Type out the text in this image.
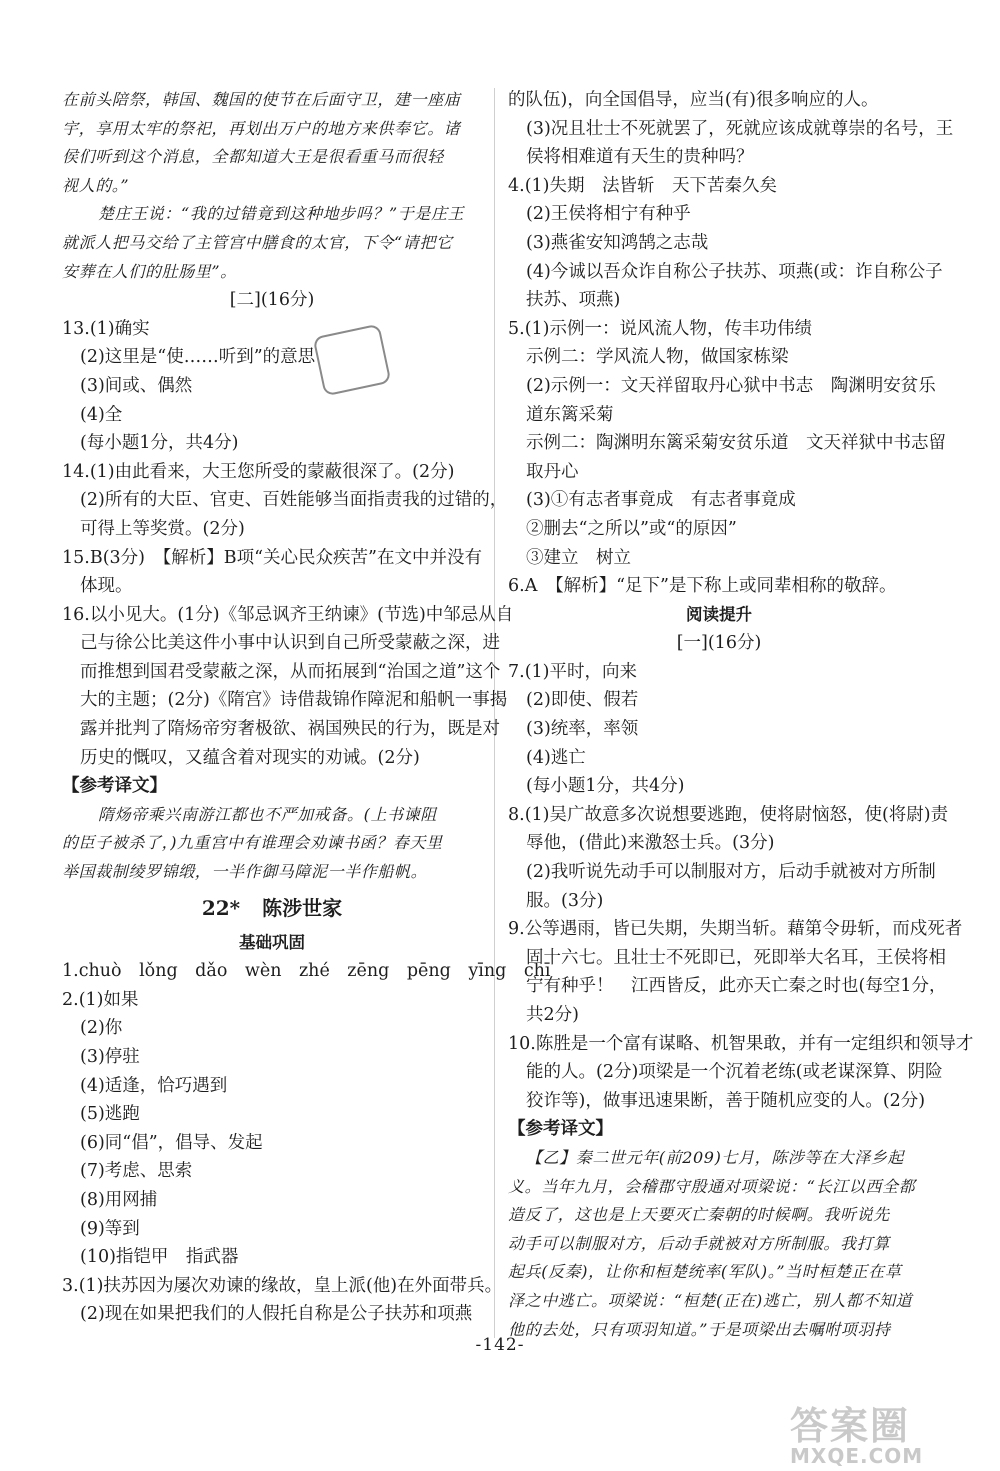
在前头陪祭，韩国、魏国的使节在后面守卫，建一座庙
宇，享用太牢的祭祀，再划出万户的地方来供奉它。诸
侯们听到这个消息，全都知道大王是很看重马而很轻
视人的。”
楚庄王说：“我的过错竟到这种地步吗？”于是庄王
就派人把马交给了主管宫中膳食的太官，下令“请把它
安葬在人们的肚肠里”。
[二](16分)
13.(1)确实
(2)这里是“使……听到”的意思
(3)间或、偶然
(4)全
(每小题1分，共4分)
14.(1)由此看来，大王您所受的蒙蔽很深了。(2分)
(2)所有的大臣、官吏、百姓能够当面指责我的过错的，
可得上等奖赏。(2分)
15.B(3分)　【解析】B项“关心民众疾苦”在文中并没有
体现。
16.以小见大。(1分)《邹忌讽齐王纳谏》(节选)中邹忌从自
己与徐公比美这件小事中认识到自己所受蒙蔽之深，进
而推想到国君受蒙蔽之深，从而拓展到“治国之道”这个
大的主题；(2分)《隋宫》诗借裁锦作障泥和船帆一事揭
露并批判了隋炀帝穷奢极欲、祸国殃民的行为，既是对
历史的慨叹，又蕴含着对现实的劝诫。(2分)
【参考译文】
隋炀帝乘兴南游江都也不严加戒备。(上书谏阻
的臣子被杀了，)九重宫中有谁理会劝谏书函？春天里
举国裁制绫罗锦缎，一半作御马障泥一半作船帆。
22* 陈涉世家
基础巩固
1.chuò　lǒng　dǎo　wèn　zhé　zēng　pēng　yīng　chī
2.(1)如果
(2)你
(3)停驻
(4)适逢，恰巧遇到
(5)逃跑
(6)同“倡”，倡导、发起
(7)考虑、思索
(8)用网捕
(9)等到
(10)指铠甲　指武器
3.(1)扶苏因为屡次劝谏的缘故，皇上派(他)在外面带兵。
(2)现在如果把我们的人假托自称是公子扶苏和项燕
的队伍)，向全国倡导，应当(有)很多响应的人。
(3)况且壮士不死就罢了，死就应该成就尊崇的名号，王
侯将相难道有天生的贵种吗？
4.(1)失期　法皆斩　天下苦秦久矣
(2)王侯将相宁有种乎
(3)燕雀安知鸿鹄之志哉
(4)今诚以吾众诈自称公子扶苏、项燕(或：诈自称公子
扶苏、项燕)
5.(1)示例一：说风流人物，传丰功伟绩
示例二：学风流人物，做国家栋梁
(2)示例一：文天祥留取丹心狱中书志　陶渊明安贫乐
道东篱采菊
示例二：陶渊明东篱采菊安贫乐道　文天祥狱中书志留
取丹心
(3)①有志者事竟成　有志者事竟成
②删去“之所以”或“的原因”
③建立　树立
6.A　【解析】“足下”是下称上或同辈相称的敬辞。
阅读提升
[一](16分)
7.(1)平时，向来
(2)即使、假若
(3)统率，率领
(4)逃亡
(每小题1分，共4分)
8.(1)吴广故意多次说想要逃跑，使将尉恼怒，使(将尉)责
辱他，(借此)来激怒士兵。(3分)
(2)我听说先动手可以制服对方，后动手就被对方所制
服。(3分)
9.公等遇雨，皆已失期，失期当斩。藉第令毋斩，而戍死者
固十六七。且壮士不死即已，死即举大名耳，王侯将相
宁有种乎！　江西皆反，此亦天亡秦之时也(每空1分，
共2分)
10.陈胜是一个富有谋略、机智果敢，并有一定组织和领导才
能的人。(2分)项梁是一个沉着老练(或老谋深算、阴险
狡诈等)，做事迅速果断，善于随机应变的人。(2分)
【参考译文】
【乙】秦二世元年(前209)七月，陈涉等在大泽乡起
义。当年九月，会稽郡守殷通对项梁说：“长江以西全都
造反了，这也是上天要灭亡秦朝的时候啊。我听说先
动手可以制服对方，后动手就被对方所制服。我打算
起兵(反秦)，让你和桓楚统率(军队)。”当时桓楚正在草
泽之中逃亡。项梁说：“桓楚(正在)逃亡，别人都不知道
他的去处，只有项羽知道。”于是项梁出去嘱咐项羽持
-142-
答案圈
MXQE.COM
